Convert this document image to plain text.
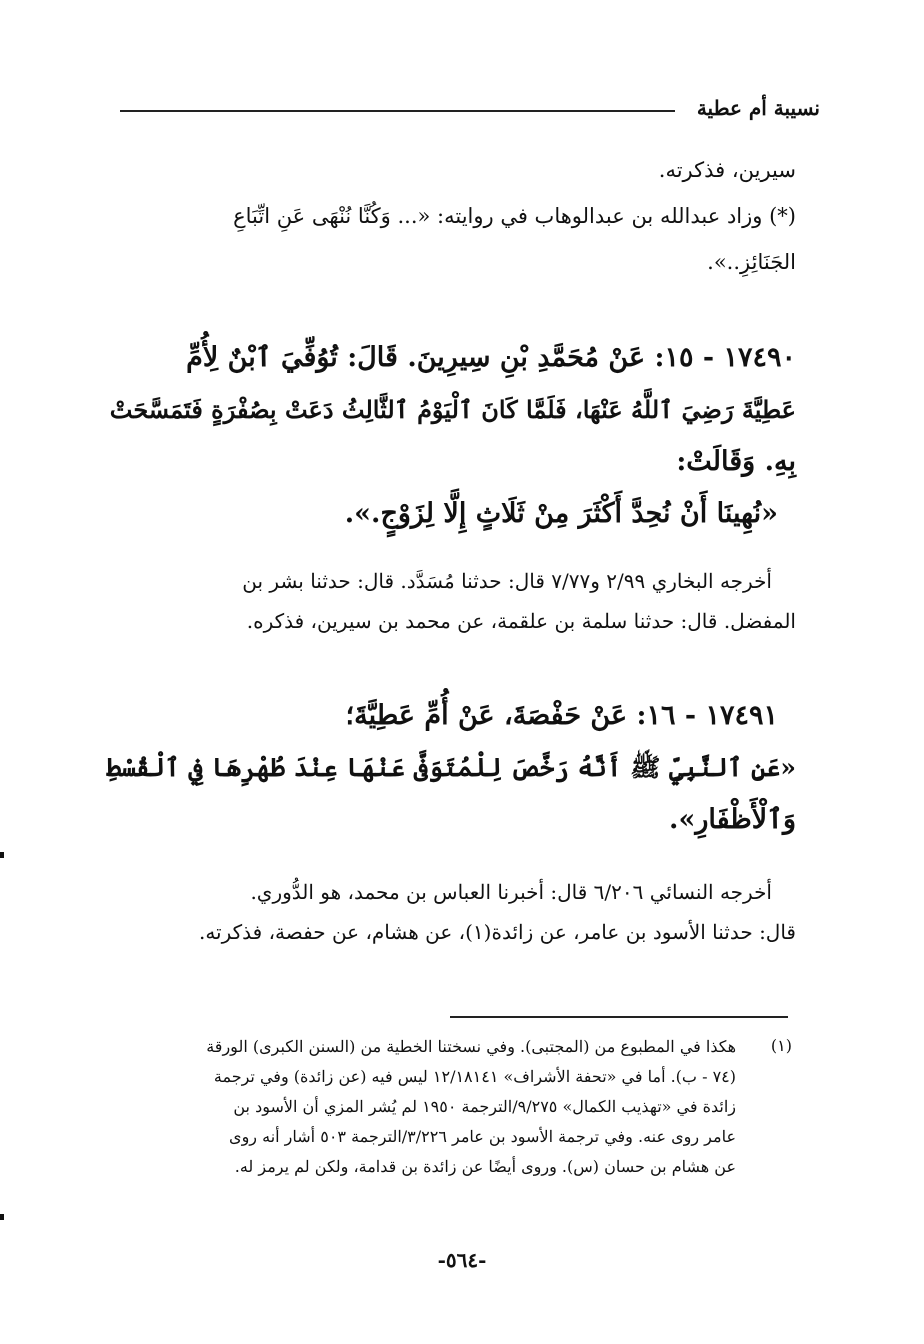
نسيبة أم عطية
سيرين، فذكرته.
(*) وزاد عبدالله بن عبدالوهاب في روايته: «... وَكُنَّا نُنْهَى عَنِ اتِّبَاعِ
الجَنَائِزِ..».
١٧٤٩٠ - ١٥: عَنْ مُحَمَّدِ بْنِ سِيرِينَ. قَالَ: تُوُفِّيَ ٱبْنٌ لِأُمِّ
عَطِيَّةَ رَضِيَ ٱللَّهُ عَنْهَا، فَلَمَّا كَانَ ٱلْيَوْمُ ٱلثَّالِثُ دَعَتْ بِصُفْرَةٍ فَتَمَسَّحَتْ
بِهِ. وَقَالَتْ:
«نُهِينَا أَنْ نُحِدَّ أَكْثَرَ مِنْ ثَلَاثٍ إِلَّا لِزَوْجٍ.».
أخرجه البخاري ٢/٩٩ و٧/٧٧ قال: حدثنا مُسَدَّد. قال: حدثنا بشر بن
المفضل. قال: حدثنا سلمة بن علقمة، عن محمد بن سيرين، فذكره.
١٧٤٩١ - ١٦: عَنْ حَفْصَةَ، عَنْ أُمِّ عَطِيَّةَ؛
«عَنِ ٱلنَّبِيِّ ﷺ أَنَّهُ رَخَّصَ لِلْمُتَوَفَّى عَنْهَا عِنْدَ طُهْرِهَا فِي ٱلْقُسْطِ
وَٱلْأَظْفَارِ».
أخرجه النسائي ٦/٢٠٦ قال: أخبرنا العباس بن محمد، هو الدُّوري.
قال: حدثنا الأسود بن عامر، عن زائدة(١)، عن هشام، عن حفصة، فذكرته.
(١)
هكذا في المطبوع من (المجتبى). وفي نسختنا الخطية من (السنن الكبرى) الورقة
(٧٤ - ب). أما في «تحفة الأشراف» ١٢/١٨١٤١ ليس فيه (عن زائدة) وفي ترجمة
زائدة في «تهذيب الكمال» ٩/٢٧٥/الترجمة ١٩٥٠ لم يُشر المزي أن الأسود بن
عامر روى عنه. وفي ترجمة الأسود بن عامر ٣/٢٢٦/الترجمة ٥٠٣ أشار أنه روى
عن هشام بن حسان (س). وروى أيضًا عن زائدة بن قدامة، ولكن لم يرمز له.
-٥٦٤-
